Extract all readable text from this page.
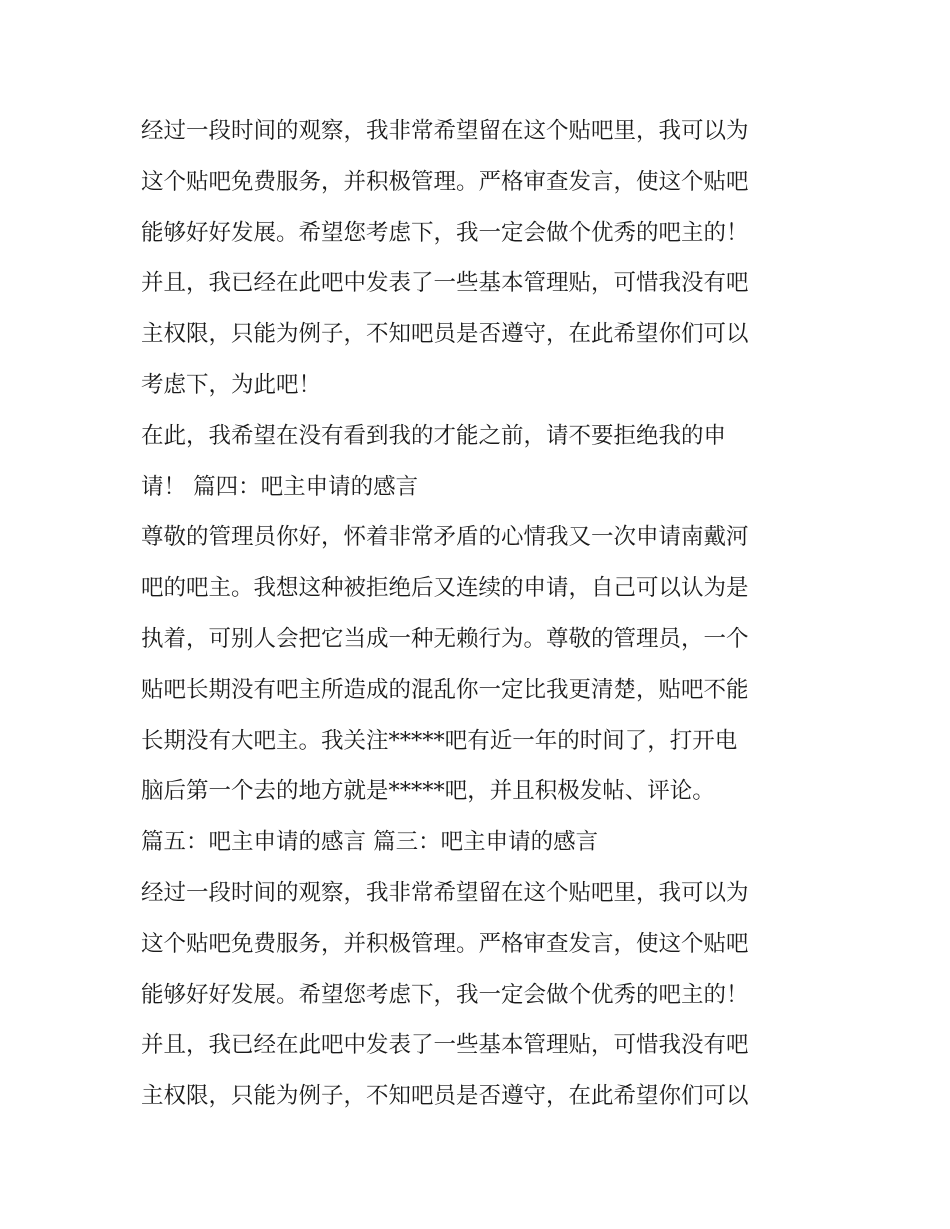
经过一段时间的观察，我非常希望留在这个贴吧里，我可以为
这个贴吧免费服务，并积极管理。严格审查发言，使这个贴吧
能够好好发展。希望您考虑下，我一定会做个优秀的吧主的！
并且，我已经在此吧中发表了一些基本管理贴，可惜我没有吧
主权限，只能为例子，不知吧员是否遵守，在此希望你们可以
考虑下，为此吧！
在此，我希望在没有看到我的才能之前，请不要拒绝我的申
请！ 篇四：吧主申请的感言
尊敬的管理员你好，怀着非常矛盾的心情我又一次申请南戴河
吧的吧主。我想这种被拒绝后又连续的申请，自己可以认为是
执着，可别人会把它当成一种无赖行为。尊敬的管理员，一个
贴吧长期没有吧主所造成的混乱你一定比我更清楚，贴吧不能
长期没有大吧主。我关注*****吧有近一年的时间了，打开电
脑后第一个去的地方就是*****吧，并且积极发帖、评论。
篇五：吧主申请的感言 篇三：吧主申请的感言
经过一段时间的观察，我非常希望留在这个贴吧里，我可以为
这个贴吧免费服务，并积极管理。严格审查发言，使这个贴吧
能够好好发展。希望您考虑下，我一定会做个优秀的吧主的！
并且，我已经在此吧中发表了一些基本管理贴，可惜我没有吧
主权限，只能为例子，不知吧员是否遵守，在此希望你们可以
